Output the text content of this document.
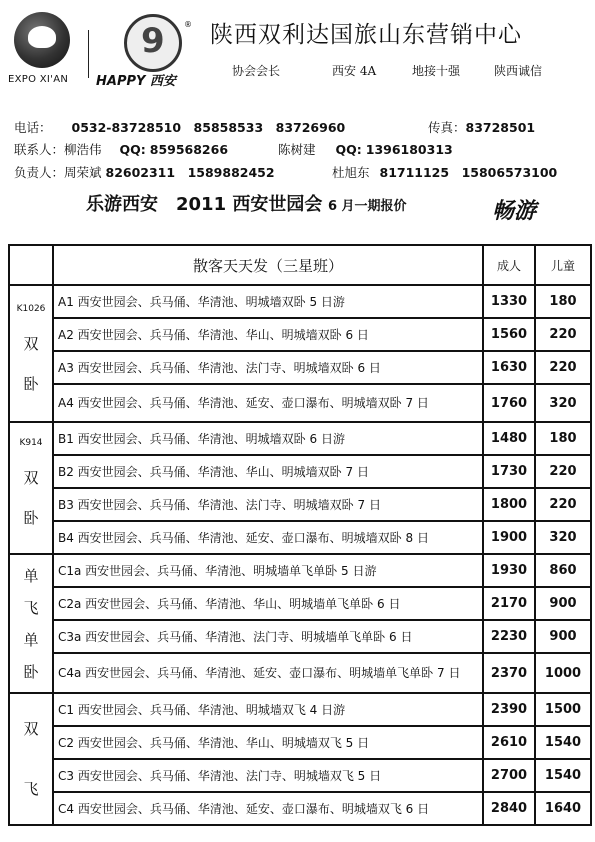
EXPO XI'AN
9
®
HAPPY 西安
陕西双利达国旅山东营销中心
协会会长	西安 4A	地接十强	陕西诚信
电话： 0532-83728510　85858533　83726960	传真：83728501
联系人：柳浩伟 QQ: 859568266	陈树建 QQ: 1396180313
负责人：周荣斌 82602311　1589882452	杜旭东 81711125　15806573100
乐游西安　2011 西安世园会 6 月一期报价	畅游
	散客天天发（三星班）	成人	儿童

K1026
双
卧	A1 西安世园会、兵马俑、华清池、明城墙双卧 5 日游	1330	180
	A2 西安世园会、兵马俑、华清池、华山、明城墙双卧 6 日	1560	220
	A3 西安世园会、兵马俑、华清池、法门寺、明城墙双卧 6 日	1630	220
	A4 西安世园会、兵马俑、华清池、延安、壶口瀑布、明城墙双卧 7 日	1760	320

K914
双
卧	B1 西安世园会、兵马俑、华清池、明城墙双卧 6 日游	1480	180
	B2 西安世园会、兵马俑、华清池、华山、明城墙双卧 7 日	1730	220
	B3 西安世园会、兵马俑、华清池、法门寺、明城墙双卧 7 日	1800	220
	B4 西安世园会、兵马俑、华清池、延安、壶口瀑布、明城墙双卧 8 日	1900	320

单
飞
单
卧	C1a 西安世园会、兵马俑、华清池、明城墙单飞单卧 5 日游	1930	860
	C2a 西安世园会、兵马俑、华清池、华山、明城墙单飞单卧 6 日	2170	900
	C3a 西安世园会、兵马俑、华清池、法门寺、明城墙单飞单卧 6 日	2230	900
	C4a 西安世园会、兵马俑、华清池、延安、壶口瀑布、明城墙单飞单卧 7 日	2370	1000

双
飞	C1 西安世园会、兵马俑、华清池、明城墙双飞 4 日游	2390	1500
	C2 西安世园会、兵马俑、华清池、华山、明城墙双飞 5 日	2610	1540
	C3 西安世园会、兵马俑、华清池、法门寺、明城墙双飞 5 日	2700	1540
	C4 西安世园会、兵马俑、华清池、延安、壶口瀑布、明城墙双飞 6 日	2840	1640
